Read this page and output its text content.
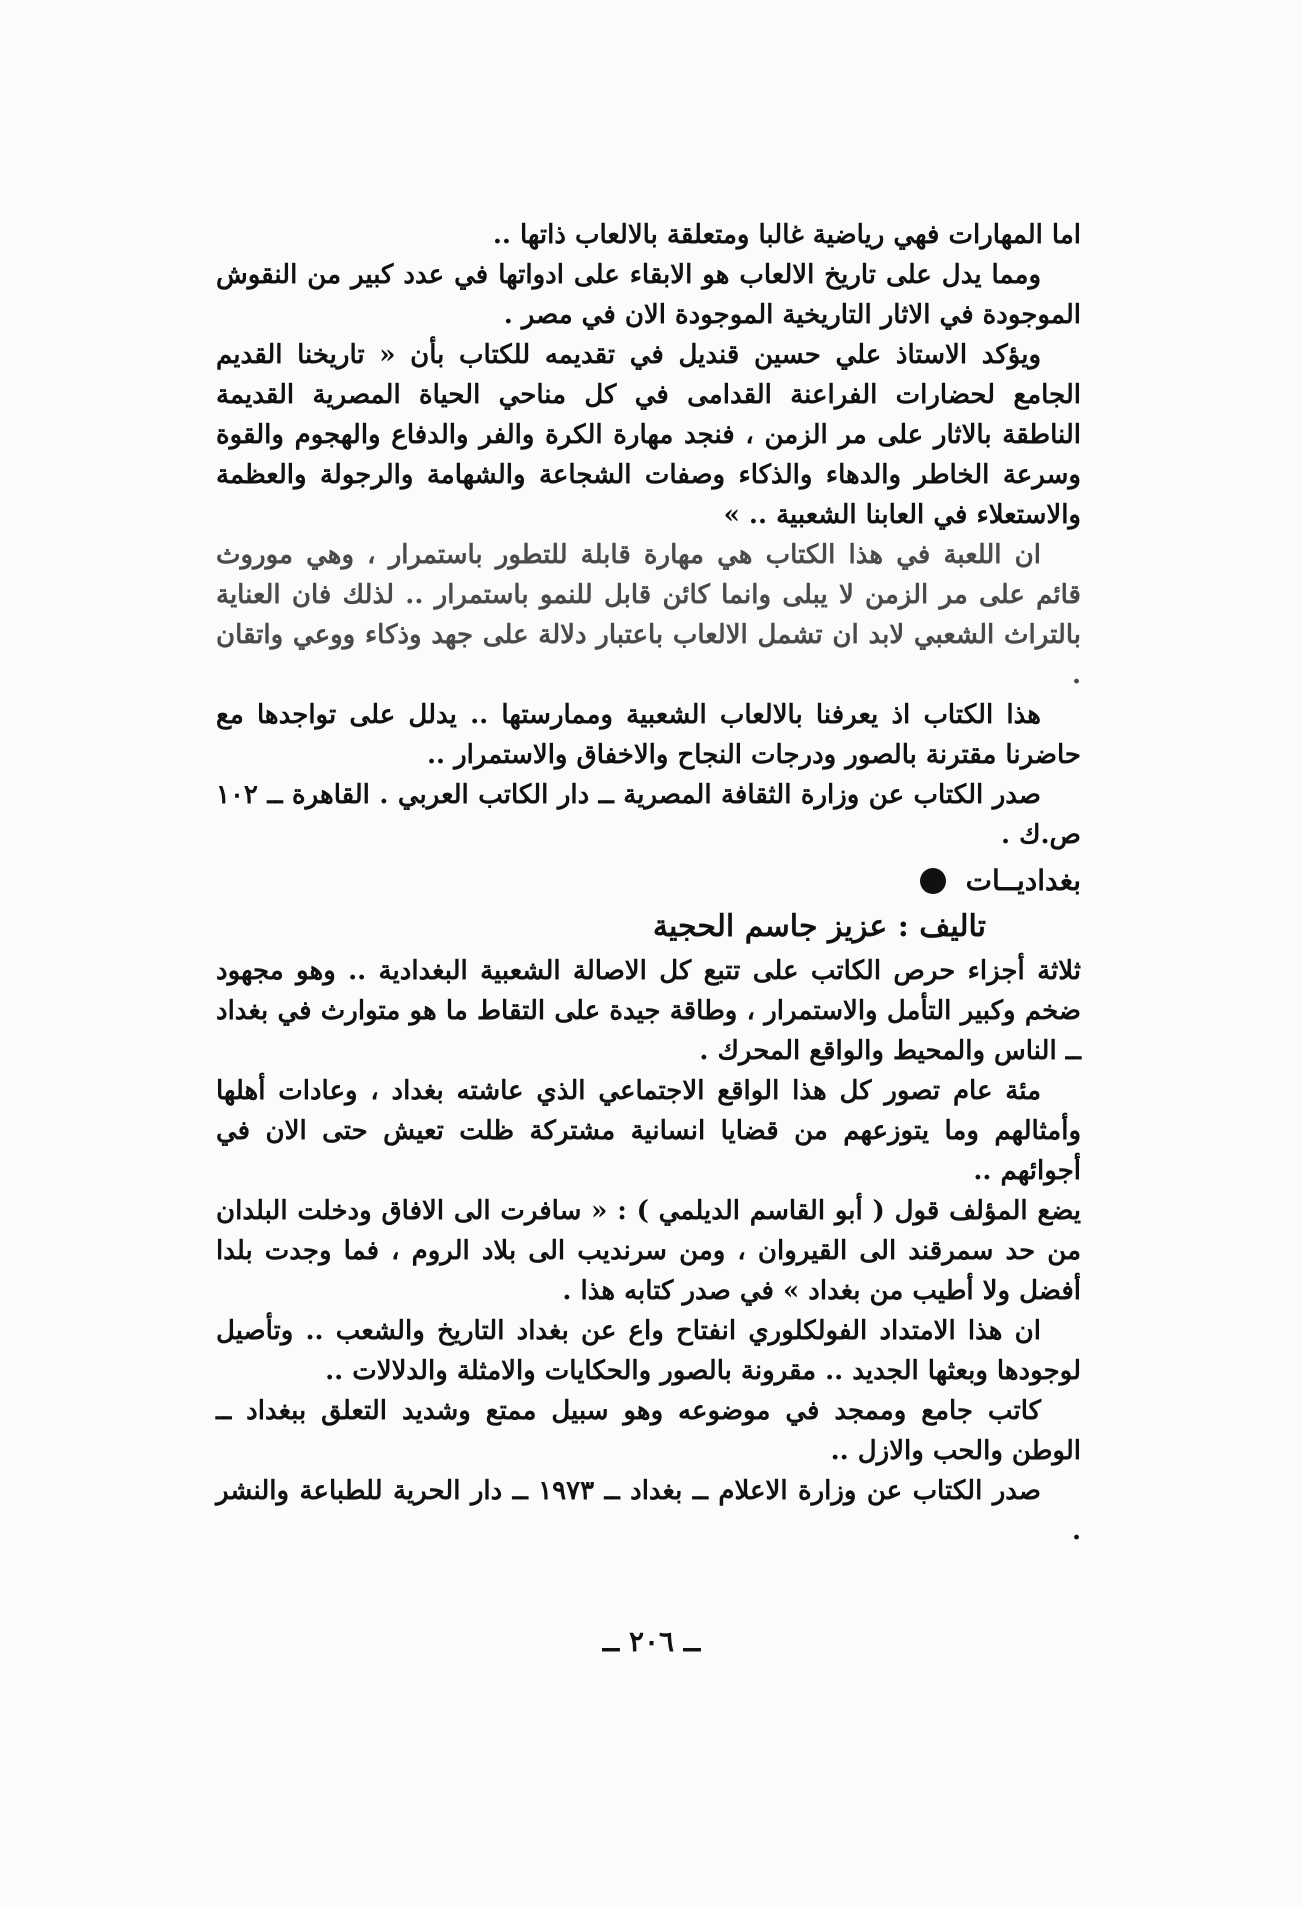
اما المهارات فهي رياضية غالبا ومتعلقة بالالعاب ذاتها ..

ومما يدل على تاريخ الالعاب هو الابقاء على ادواتها في عدد كبير من النقوش الموجودة في الاثار التاريخية الموجودة الان في مصر .

ويؤكد الاستاذ علي حسين قنديل في تقديمه للكتاب بأن « تاريخنا القديم الجامع لحضارات الفراعنة القدامى في كل مناحي الحياة المصرية القديمة الناطقة بالاثار على مر الزمن ، فنجد مهارة الكرة والفر والدفاع والهجوم والقوة وسرعة الخاطر والدهاء والذكاء وصفات الشجاعة والشهامة والرجولة والعظمة والاستعلاء في العابنا الشعبية .. »

ان اللعبة في هذا الكتاب هي مهارة قابلة للتطور باستمرار ، وهي موروث قائم على مر الزمن لا يبلى وانما كائن قابل للنمو باستمرار .. لذلك فان العناية بالتراث الشعبي لابد ان تشمل الالعاب باعتبار دلالة على جهد وذكاء ووعي واتقان .

هذا الكتاب اذ يعرفنا بالالعاب الشعبية وممارستها .. يدلل على تواجدها مع حاضرنا مقترنة بالصور ودرجات النجاح والاخفاق والاستمرار ..

صدر الكتاب عن وزارة الثقافة المصرية ــ دار الكاتب العربي . القاهرة ــ ١٠٢ ص.ك .

بغداديــات

تاليف : عزيز جاسم الحجية

ثلاثة أجزاء حرص الكاتب على تتبع كل الاصالة الشعبية البغدادية .. وهو مجهود ضخم وكبير التأمل والاستمرار ، وطاقة جيدة على التقاط ما هو متوارث في بغداد ــ الناس والمحيط والواقع المحرك .

مئة عام تصور كل هذا الواقع الاجتماعي الذي عاشته بغداد ، وعادات أهلها وأمثالهم وما يتوزعهم من قضايا انسانية مشتركة ظلت تعيش حتى الان في أجوائهم ..

يضع المؤلف قول ( أبو القاسم الديلمي ) : « سافرت الى الافاق ودخلت البلدان من حد سمرقند الى القيروان ، ومن سرنديب الى بلاد الروم ، فما وجدت بلدا أفضل ولا أطيب من بغداد » في صدر كتابه هذا .

ان هذا الامتداد الفولكلوري انفتاح واع عن بغداد التاريخ والشعب .. وتأصيل لوجودها وبعثها الجديد .. مقرونة بالصور والحكايات والامثلة والدلالات ..

كاتب جامع وممجد في موضوعه وهو سبيل ممتع وشديد التعلق ببغداد ــ الوطن والحب والازل ..

صدر الكتاب عن وزارة الاعلام ــ بغداد ــ ١٩٧٣ ــ دار الحرية للطباعة والنشر .

ــ ٢٠٦ ــ
